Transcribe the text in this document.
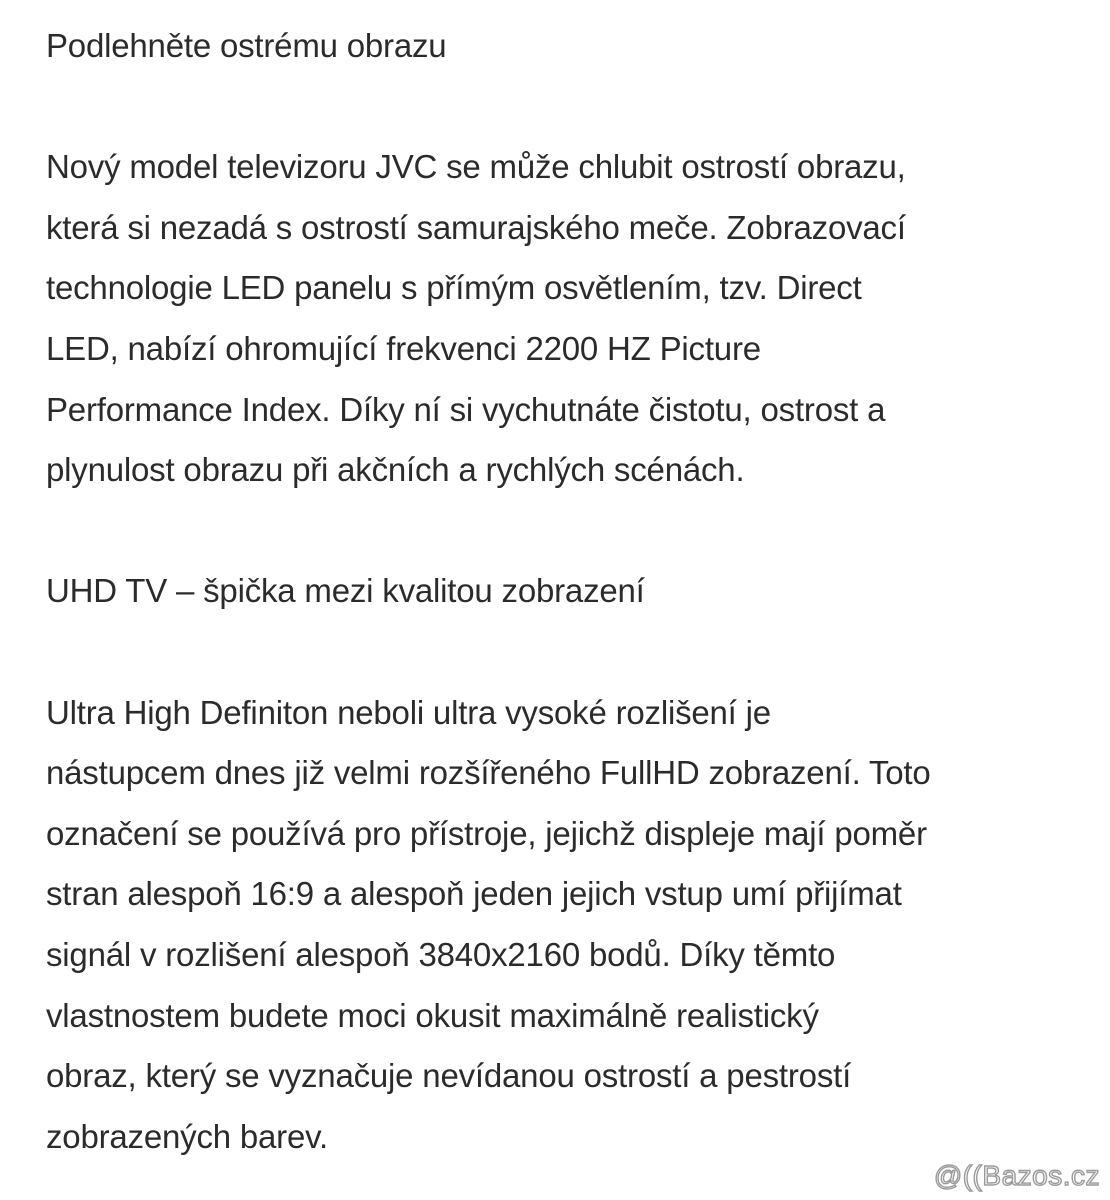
Podlehněte ostrému obrazu
Nový model televizoru JVC se může chlubit ostrostí obrazu,
která si nezadá s ostrostí samurajského meče. Zobrazovací
technologie LED panelu s přímým osvětlením, tzv. Direct
LED, nabízí ohromující frekvenci 2200 HZ Picture
Performance Index. Díky ní si vychutnáte čistotu, ostrost a
plynulost obrazu při akčních a rychlých scénách.
UHD TV – špička mezi kvalitou zobrazení
Ultra High Definiton neboli ultra vysoké rozlišení je
nástupcem dnes již velmi rozšířeného FullHD zobrazení. Toto
označení se používá pro přístroje, jejichž displeje mají poměr
stran alespoň 16:9 a alespoň jeden jejich vstup umí přijímat
signál v rozlišení alespoň 3840x2160 bodů. Díky těmto
vlastnostem budete moci okusit maximálně realistický
obraz, který se vyznačuje nevídanou ostrostí a pestrostí
zobrazených barev.
@(( Bazos.cz
